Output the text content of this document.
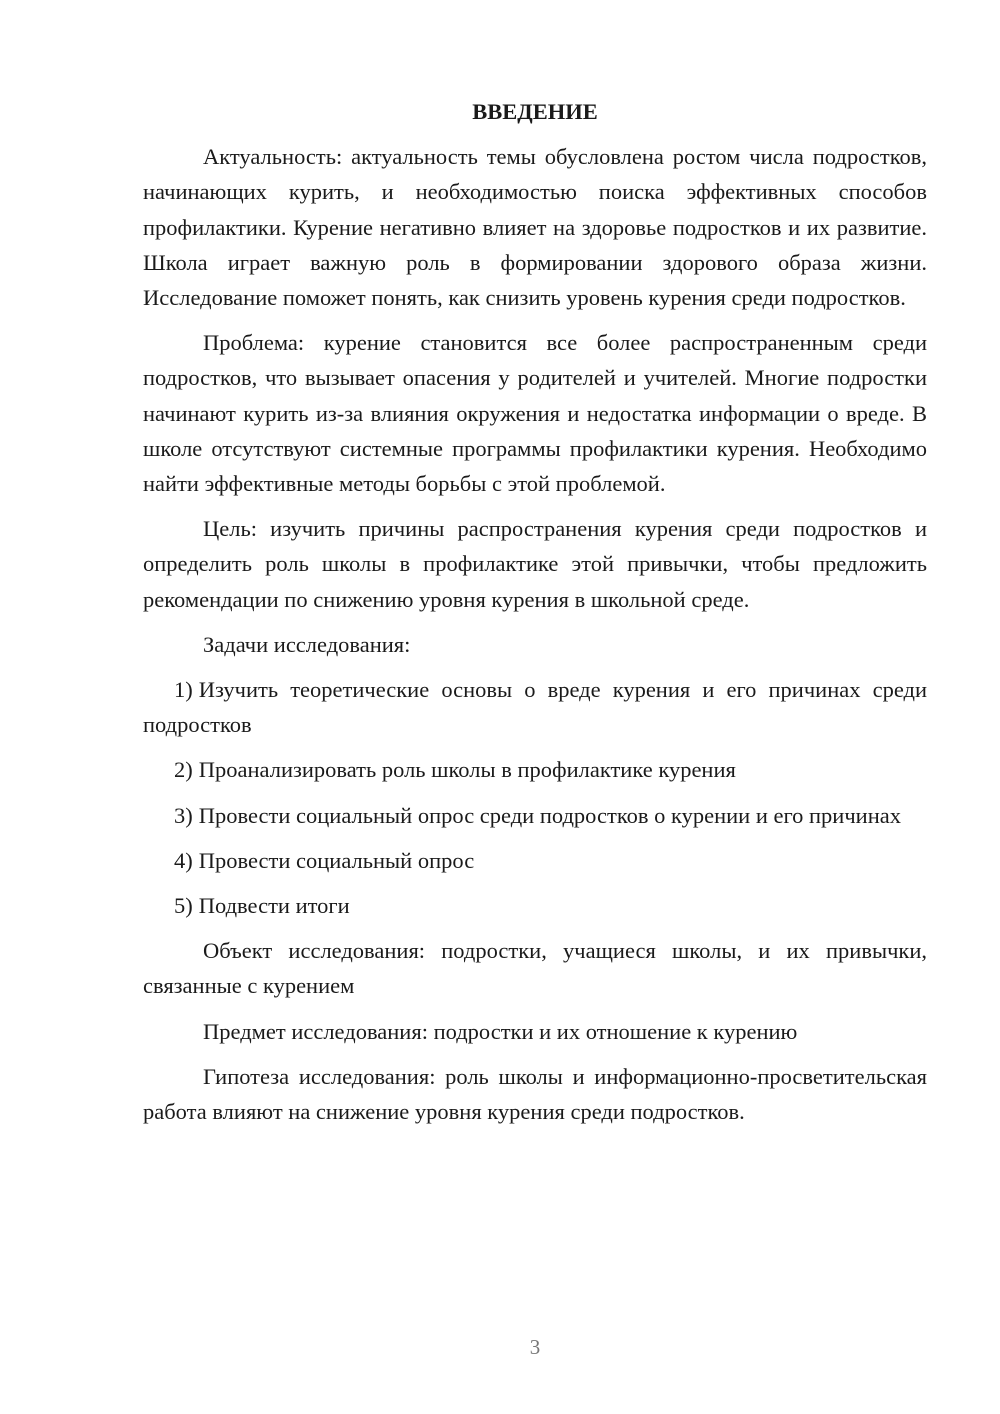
ВВЕДЕНИЕ

Актуальность: актуальность темы обусловлена ростом числа подростков, начинающих курить, и необходимостью поиска эффективных способов профилактики. Курение негативно влияет на здоровье подростков и их развитие. Школа играет важную роль в формировании здорового образа жизни. Исследование поможет понять, как снизить уровень курения среди подростков.

Проблема: курение становится все более распространенным среди подростков, что вызывает опасения у родителей и учителей. Многие подростки начинают курить из-за влияния окружения и недостатка информации о вреде. В школе отсутствуют системные программы профилактики курения. Необходимо найти эффективные методы борьбы с этой проблемой.

Цель: изучить причины распространения курения среди подростков и определить роль школы в профилактике этой привычки, чтобы предложить рекомендации по снижению уровня курения в школьной среде.

Задачи исследования:

1) Изучить теоретические основы о вреде курения и его причинах среди подростков

2) Проанализировать роль школы в профилактике курения

3) Провести социальный опрос среди подростков о курении и его причинах

4) Провести социальный опрос

5) Подвести итоги

Объект исследования: подростки, учащиеся школы, и их привычки, связанные с курением

Предмет исследования: подростки и их отношение к курению

Гипотеза исследования: роль школы и информационно-просветительская работа влияют на снижение уровня курения среди подростков.

3
